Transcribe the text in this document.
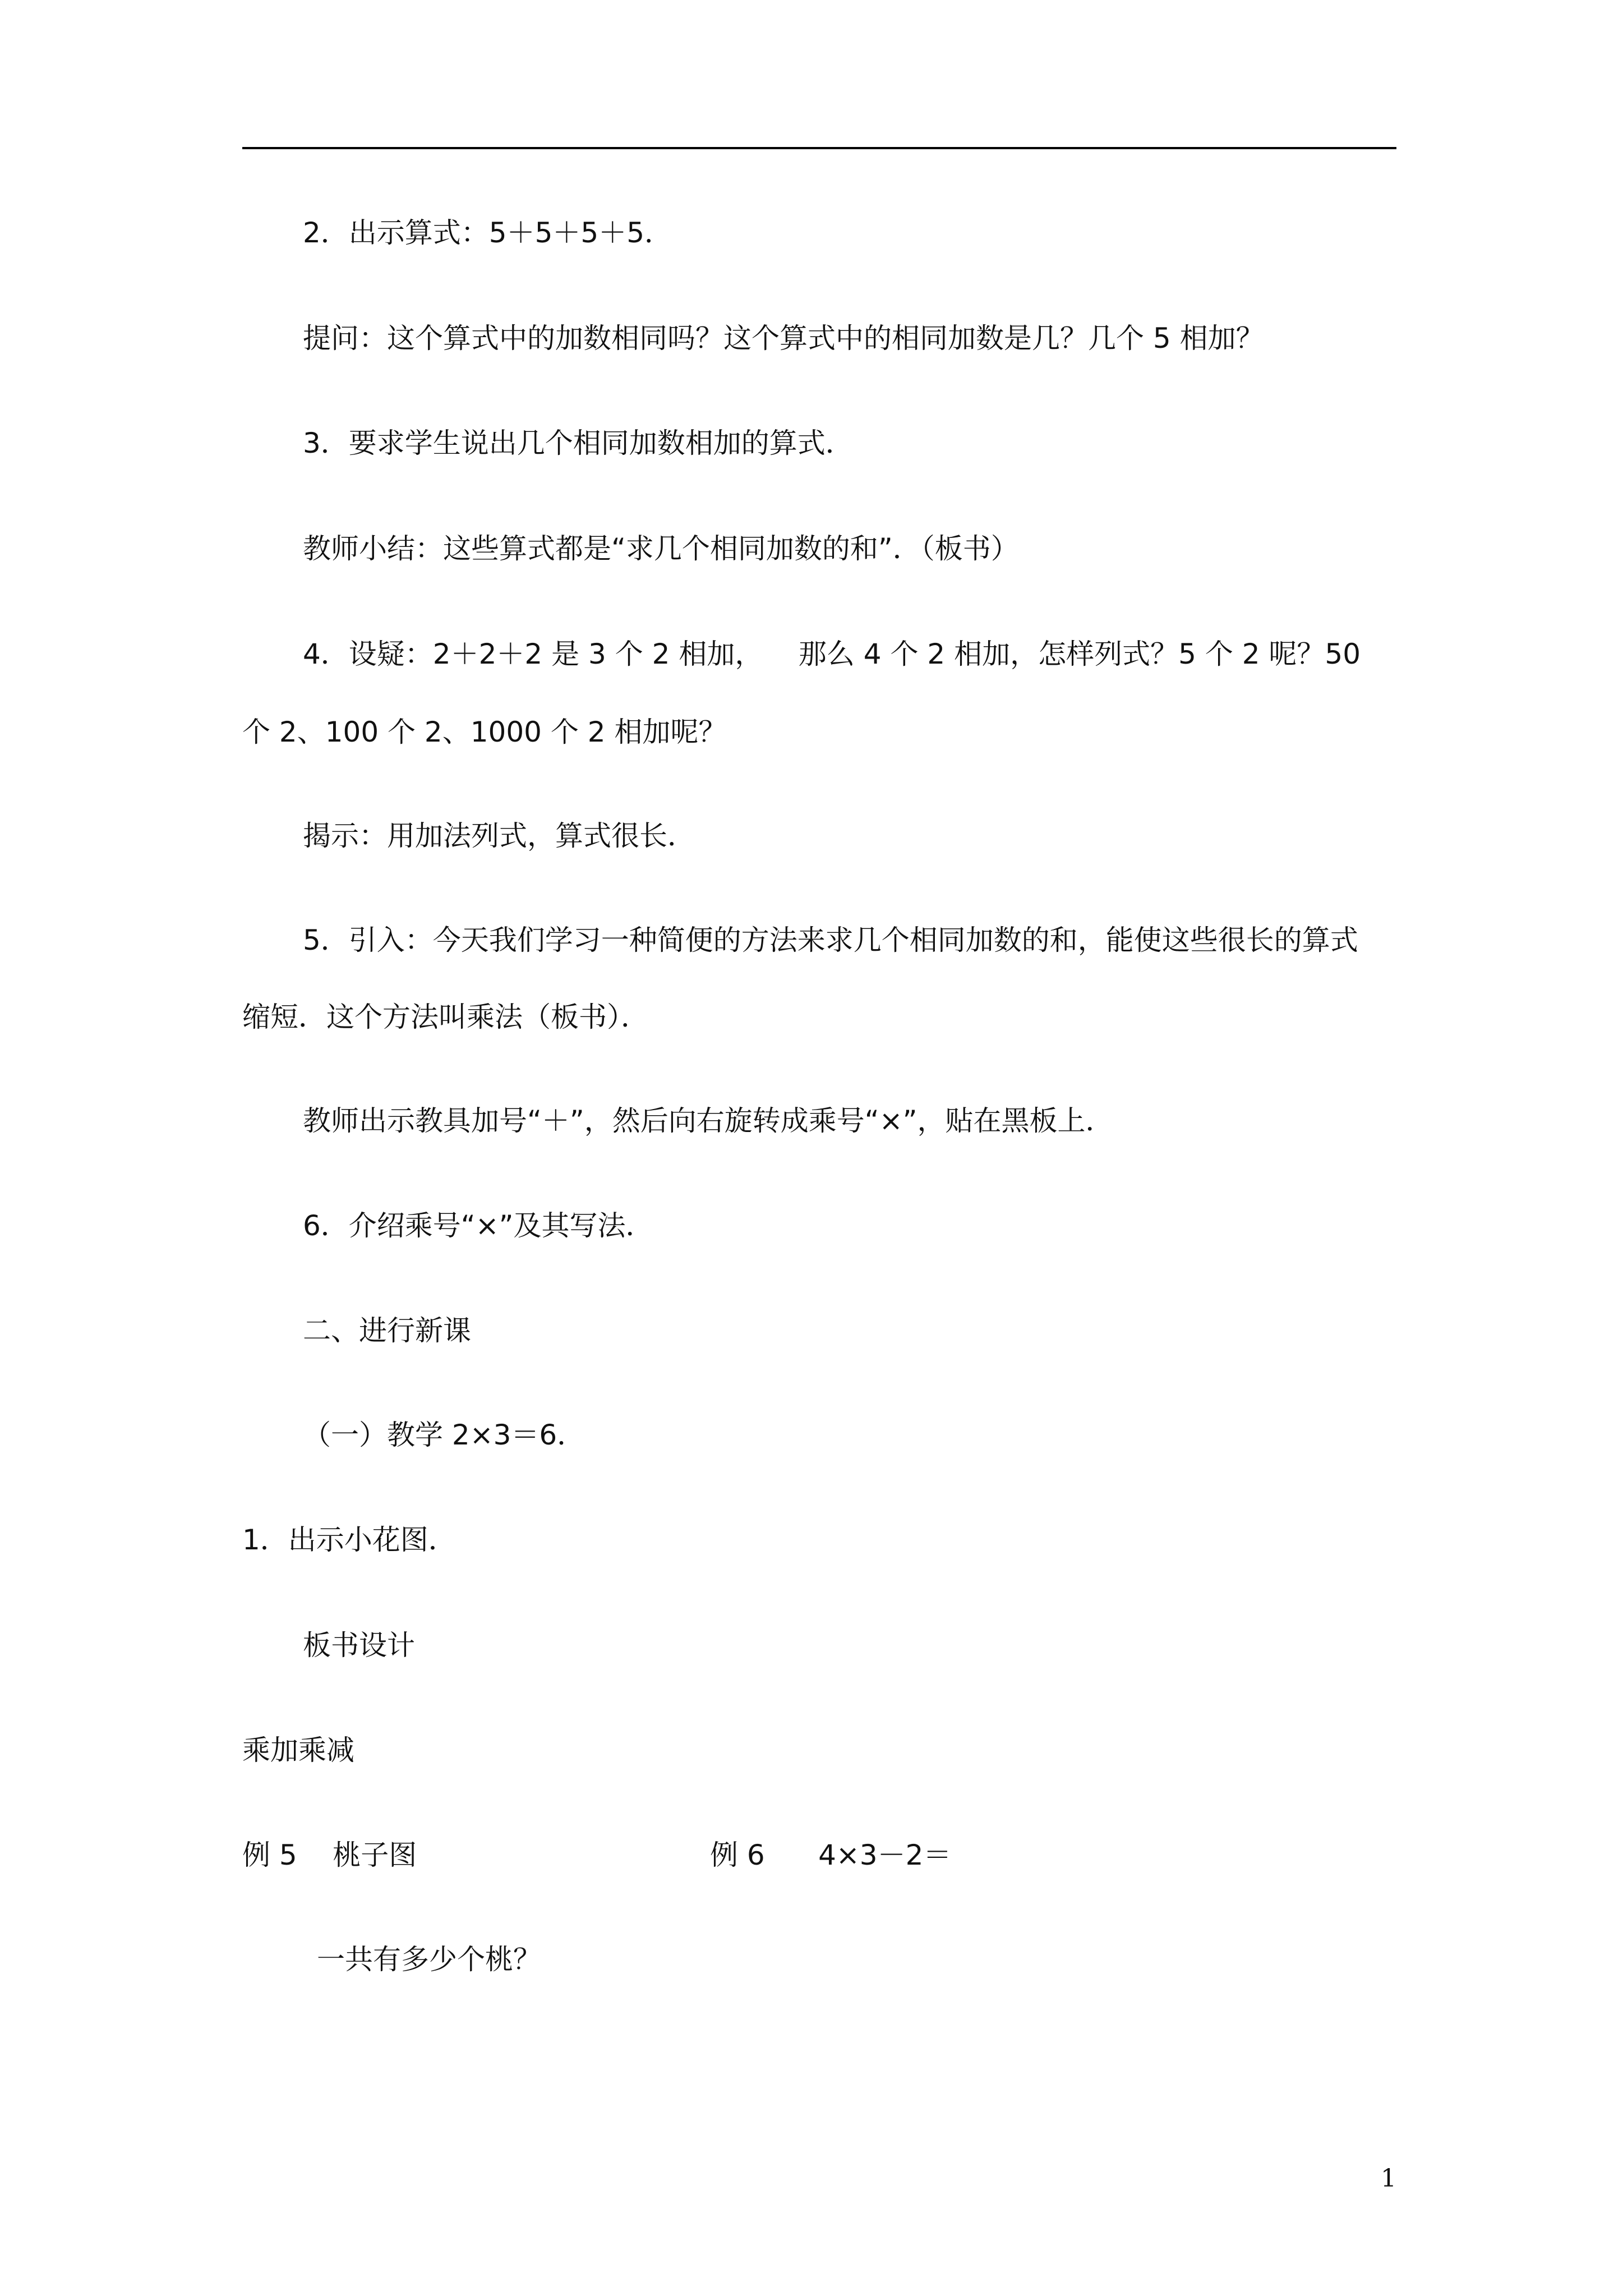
2．出示算式：5＋5＋5＋5．
提问：这个算式中的加数相同吗？这个算式中的相同加数是几？几个 5 相加？
3．要求学生说出几个相同加数相加的算式．
教师小结：这些算式都是“求几个相同加数的和”．（板书）
4．设疑：2＋2＋2 是 3 个 2 相加，    那么 4 个 2 相加，怎样列式？5 个 2 呢？50
个 2、100 个 2、1000 个 2 相加呢？
揭示：用加法列式，算式很长．
5．引入：今天我们学习一种简便的方法来求几个相同加数的和，能使这些很长的算式
缩短．这个方法叫乘法（板书）．
教师出示教具加号“＋”，然后向右旋转成乘号“×”，贴在黑板上．
6．介绍乘号“×”及其写法．
二、进行新课
（一）教学 2×3＝6．
1．出示小花图．
板书设计
乘加乘减
例 5    桃子图	例 6      4×3－2＝
一共有多少个桃？
1
